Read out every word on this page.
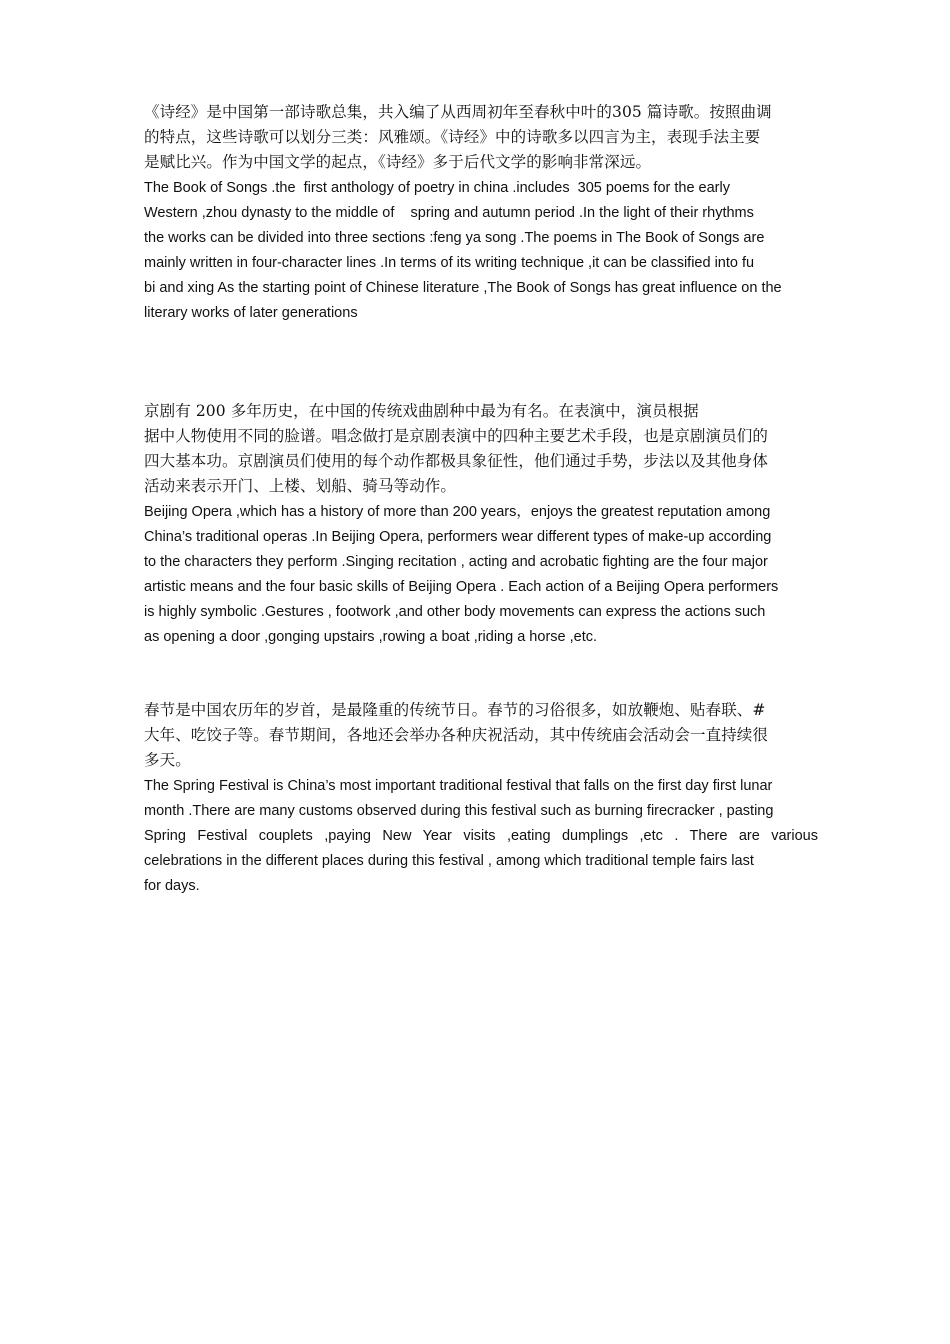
《诗经》是中国第一部诗歌总集，共入编了从西周初年至春秋中叶的305 篇诗歌。按照曲调
的特点，这些诗歌可以划分三类：风雅颂。《诗经》中的诗歌多以四言为主，表现手法主要
是赋比兴。作为中国文学的起点，《诗经》多于后代文学的影响非常深远。
The Book of Songs .the  first anthology of poetry in china .includes  305 poems for the early
Western ,zhou dynasty to the middle of    spring and autumn period .In the light of their rhythms
the works can be divided into three sections :feng ya song .The poems in The Book of Songs are
mainly written in four-character lines .In terms of its writing technique ,it can be classified into fu
bi and xing As the starting point of Chinese literature ,The Book of Songs has great influence on the
literary works of later generations
京剧有 200 多年历史，在中国的传统戏曲剧种中最为有名。在表演中，演员根据
据中人物使用不同的脸谱。唱念做打是京剧表演中的四种主要艺术手段，也是京剧演员们的
四大基本功。京剧演员们使用的每个动作都极具象征性，他们通过手势，步法以及其他身体
活动来表示开门、上楼、划船、骑马等动作。
Beijing Opera ,which has a history of more than 200 years，enjoys the greatest reputation among
China’s traditional operas .In Beijing Opera, performers wear different types of make-up according
to the characters they perform .Singing recitation , acting and acrobatic fighting are the four major
artistic means and the four basic skills of Beijing Opera . Each action of a Beijing Opera performers
is highly symbolic .Gestures , footwork ,and other body movements can express the actions such
as opening a door ,gonging upstairs ,rowing a boat ,riding a horse ,etc.
春节是中国农历年的岁首，是最隆重的传统节日。春节的习俗很多，如放鞭炮、贴春联、#
大年、吃饺子等。春节期间，各地还会举办各种庆祝活动，其中传统庙会活动会一直持续很
多天。
The Spring Festival is China’s most important traditional festival that falls on the first day first lunar
month .There are many customs observed during this festival such as burning firecracker , pasting
Spring Festival couplets ,paying New Year visits ,eating dumplings ,etc . There are various
celebrations in the different places during this festival , among which traditional temple fairs last
for days.
